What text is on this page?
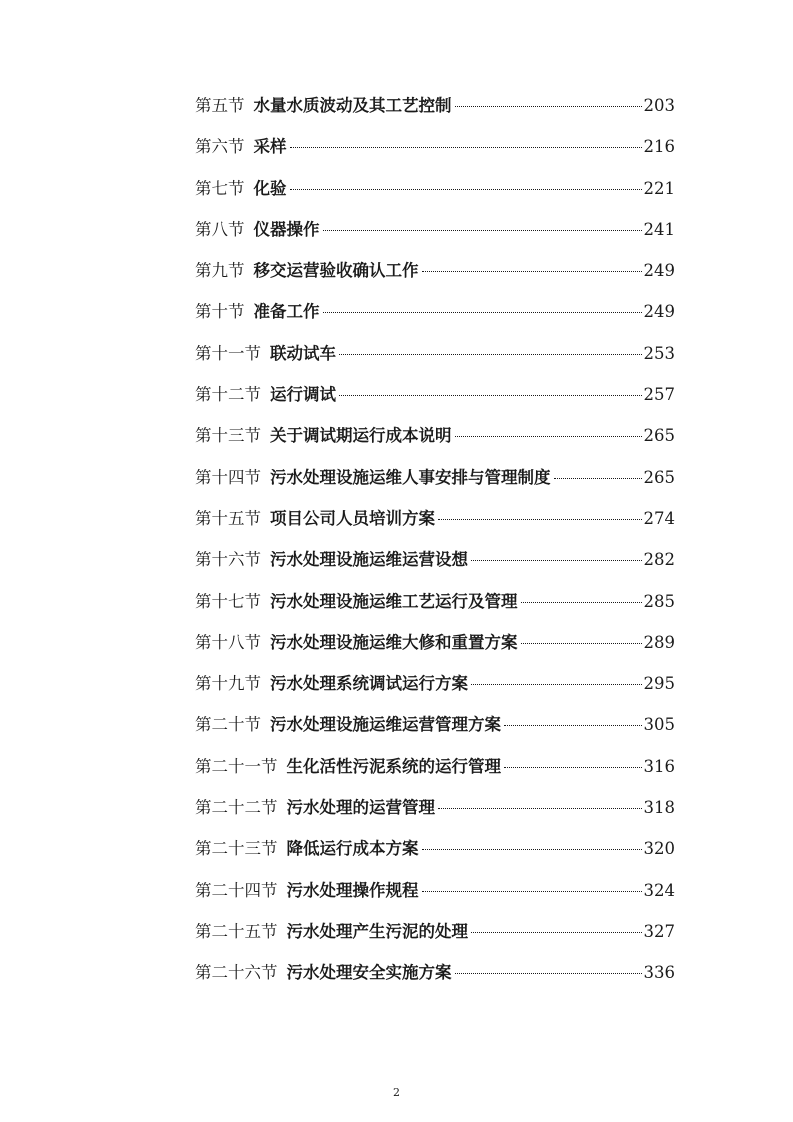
第五节 水量水质波动及其工艺控制	203
第六节 采样	216
第七节 化验	221
第八节 仪器操作	241
第九节 移交运营验收确认工作	249
第十节 准备工作	249
第十一节 联动试车	253
第十二节 运行调试	257
第十三节 关于调试期运行成本说明	265
第十四节 污水处理设施运维人事安排与管理制度	265
第十五节 项目公司人员培训方案	274
第十六节 污水处理设施运维运营设想	282
第十七节 污水处理设施运维工艺运行及管理	285
第十八节 污水处理设施运维大修和重置方案	289
第十九节 污水处理系统调试运行方案	295
第二十节 污水处理设施运维运营管理方案	305
第二十一节 生化活性污泥系统的运行管理	316
第二十二节 污水处理的运营管理	318
第二十三节 降低运行成本方案	320
第二十四节 污水处理操作规程	324
第二十五节 污水处理产生污泥的处理	327
第二十六节 污水处理安全实施方案	336
2
